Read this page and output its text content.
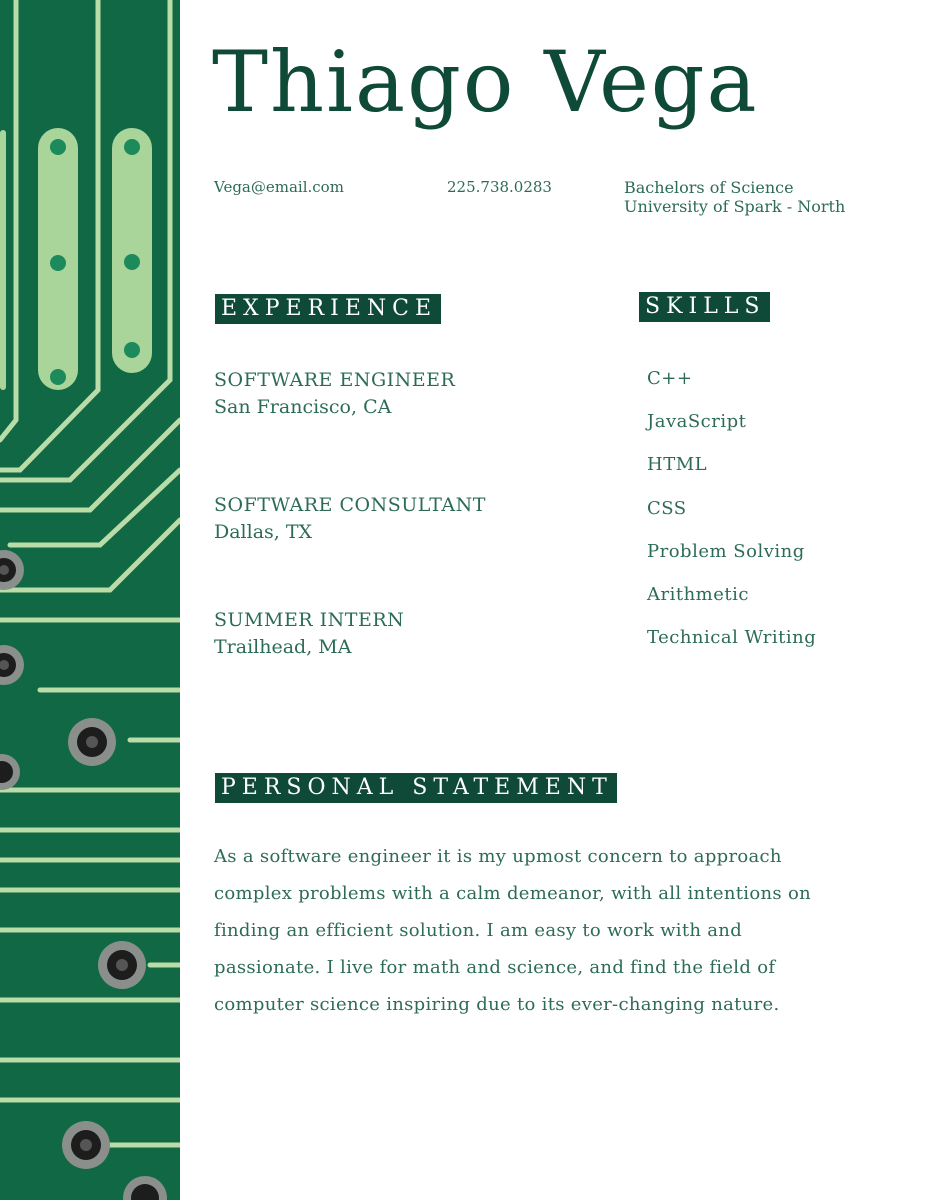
Thiago Vega
Vega@email.com	225.738.0283	Bachelors of Science
University of Spark - North
EXPERIENCE
SOFTWARE ENGINEER
San Francisco, CA
SOFTWARE CONSULTANT
Dallas, TX
SUMMER INTERN
Trailhead, MA
SKILLS
C++
JavaScript
HTML
CSS
Problem Solving
Arithmetic
Technical Writing
PERSONAL STATEMENT

As a software engineer it is my upmost concern to approach complex problems with a calm demeanor, with all intentions on finding an efficient solution. I am easy to work with and passionate. I live for math and science, and find the field of computer science inspiring due to its ever-changing nature.
